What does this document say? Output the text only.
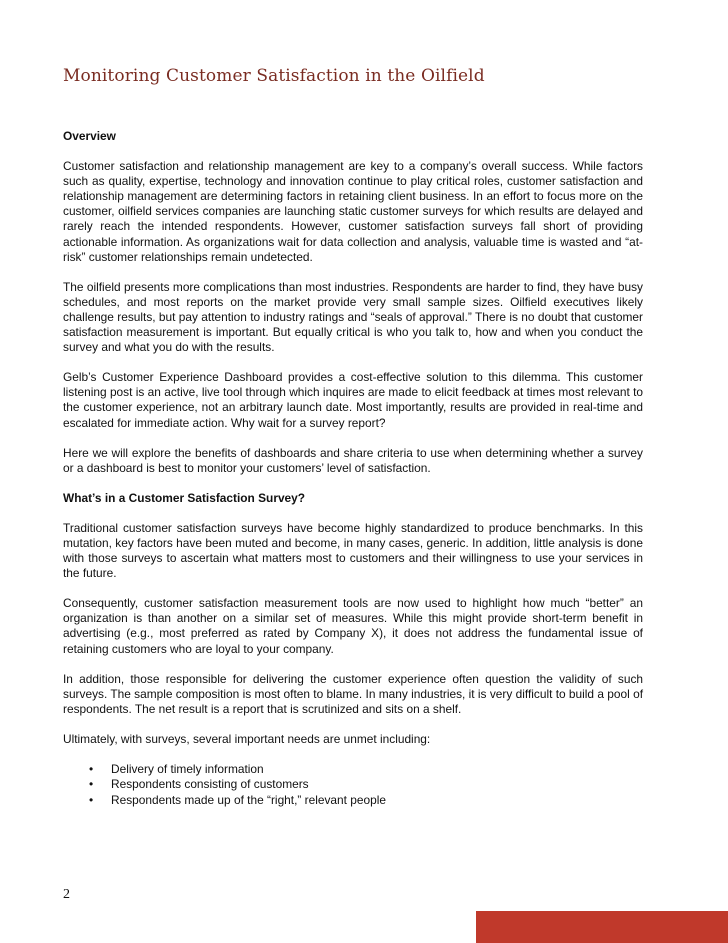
Monitoring Customer Satisfaction in the Oilfield
Overview

Customer satisfaction and relationship management are key to a company’s overall success. While factors such as quality, expertise, technology and innovation continue to play critical roles, customer satisfaction and relationship management are determining factors in retaining client business. In an effort to focus more on the customer, oilfield services companies are launching static customer surveys for which results are delayed and rarely reach the intended respondents. However, customer satisfaction surveys fall short of providing actionable information. As organizations wait for data collection and analysis, valuable time is wasted and “at-risk” customer relationships remain undetected.

The oilfield presents more complications than most industries. Respondents are harder to find, they have busy schedules, and most reports on the market provide very small sample sizes. Oilfield executives likely challenge results, but pay attention to industry ratings and “seals of approval.” There is no doubt that customer satisfaction measurement is important. But equally critical is who you talk to, how and when you conduct the survey and what you do with the results.

Gelb’s Customer Experience Dashboard provides a cost-effective solution to this dilemma. This customer listening post is an active, live tool through which inquires are made to elicit feedback at times most relevant to the customer experience, not an arbitrary launch date. Most importantly, results are provided in real-time and escalated for immediate action. Why wait for a survey report?

Here we will explore the benefits of dashboards and share criteria to use when determining whether a survey or a dashboard is best to monitor your customers’ level of satisfaction.

What’s in a Customer Satisfaction Survey?

Traditional customer satisfaction surveys have become highly standardized to produce benchmarks. In this mutation, key factors have been muted and become, in many cases, generic. In addition, little analysis is done with those surveys to ascertain what matters most to customers and their willingness to use your services in the future.

Consequently, customer satisfaction measurement tools are now used to highlight how much “better” an organization is than another on a similar set of measures. While this might provide short-term benefit in advertising (e.g., most preferred as rated by Company X), it does not address the fundamental issue of retaining customers who are loyal to your company.

In addition, those responsible for delivering the customer experience often question the validity of such surveys. The sample composition is most often to blame. In many industries, it is very difficult to build a pool of respondents. The net result is a report that is scrutinized and sits on a shelf.

Ultimately, with surveys, several important needs are unmet including:

• Delivery of timely information
• Respondents consisting of customers
• Respondents made up of the “right,” relevant people
2
